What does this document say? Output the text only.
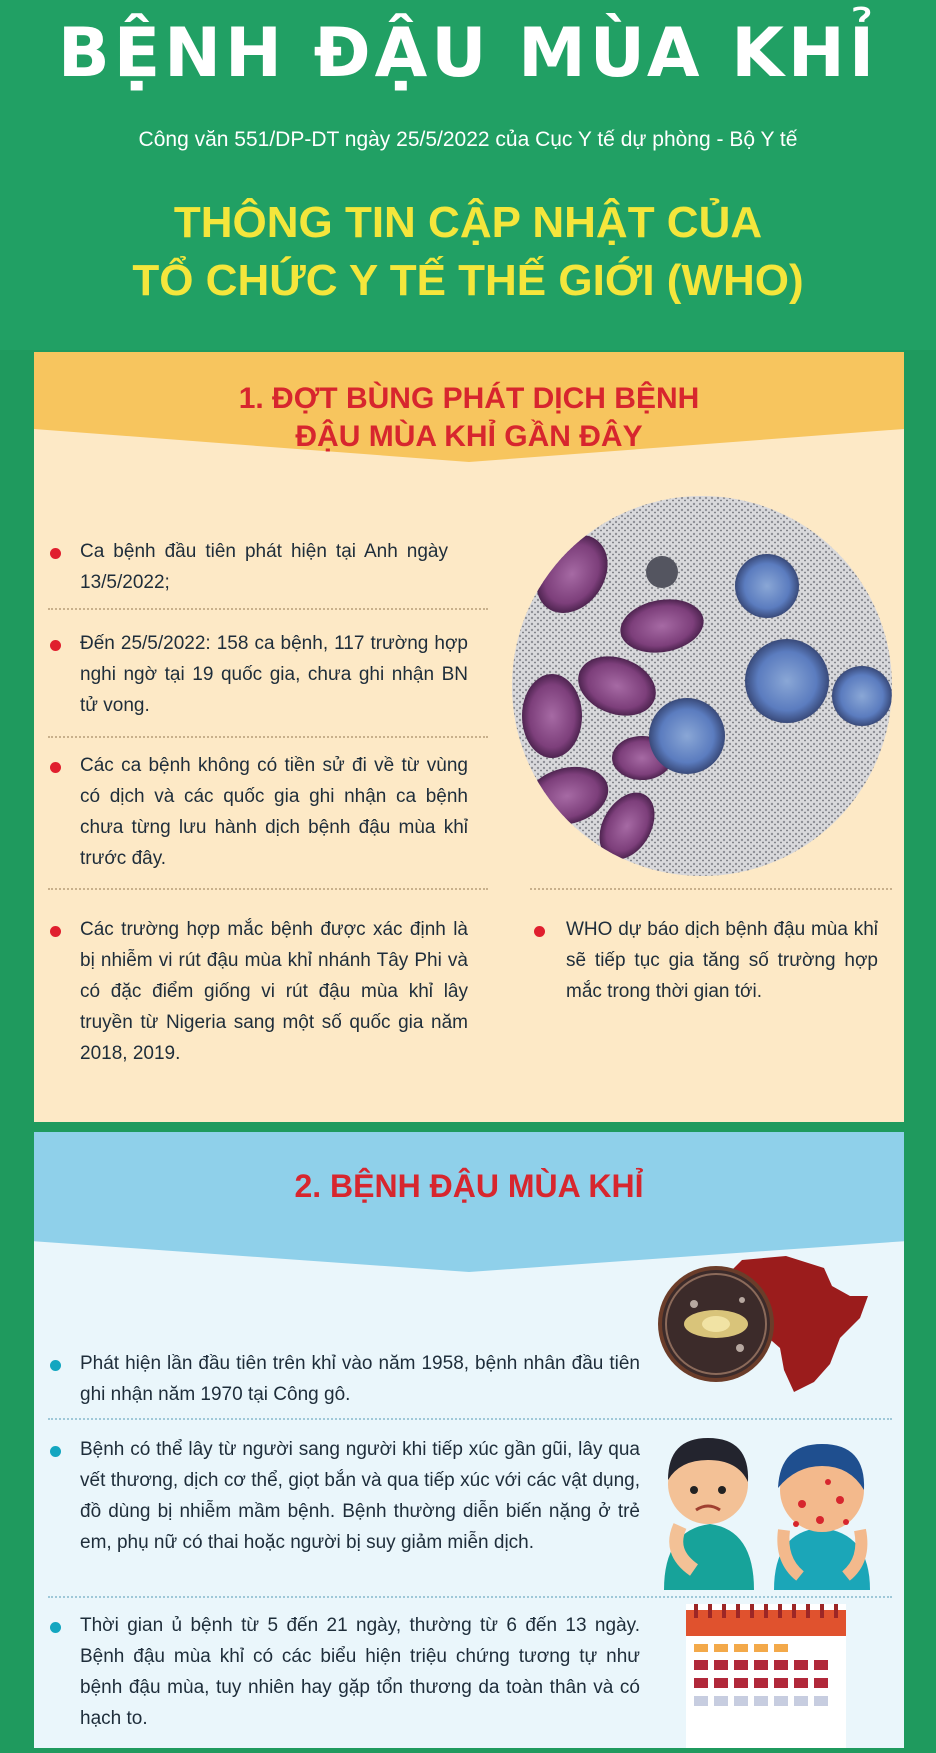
BỆNH ĐẬU MÙA KHỈ
Công văn 551/DP-DT ngày 25/5/2022 của Cục Y tế dự phòng - Bộ Y tế
THÔNG TIN CẬP NHẬT CỦA
TỔ CHỨC Y TẾ THẾ GIỚI (WHO)
1. ĐỢT BÙNG PHÁT DỊCH BỆNH
ĐẬU MÙA KHỈ GẦN ĐÂY
Ca bệnh đầu tiên phát hiện tại Anh ngày 13/5/2022;
Đến 25/5/2022: 158 ca bệnh, 117 trường hợp nghi ngờ tại 19 quốc gia, chưa ghi nhận BN tử vong.
Các ca bệnh không có tiền sử đi về từ vùng có dịch và các quốc gia ghi nhận ca bệnh chưa từng lưu hành dịch bệnh đậu mùa khỉ trước đây.
Các trường hợp mắc bệnh được xác định là bị nhiễm vi rút đậu mùa khỉ nhánh Tây Phi và có đặc điểm giống vi rút đậu mùa khỉ lây truyền từ Nigeria sang một số quốc gia năm 2018, 2019.
WHO dự báo dịch bệnh đậu mùa khỉ sẽ tiếp tục gia tăng số trường hợp mắc trong thời gian tới.
2. BỆNH ĐẬU MÙA KHỈ
Phát hiện lần đầu tiên trên khỉ vào năm 1958, bệnh nhân đầu tiên ghi nhận năm 1970 tại Công gô.
Bệnh có thể lây từ người sang người khi tiếp xúc gần gũi, lây qua vết thương, dịch cơ thể, giọt bắn và qua tiếp xúc với các vật dụng, đồ dùng bị nhiễm mầm bệnh. Bệnh thường diễn biến nặng ở trẻ em, phụ nữ có thai hoặc người bị suy giảm miễn dịch.
Thời gian ủ bệnh từ 5 đến 21 ngày, thường từ 6 đến 13 ngày. Bệnh đậu mùa khỉ có các biểu hiện triệu chứng tương tự như bệnh đậu mùa, tuy nhiên hay gặp tổn thương da toàn thân và có hạch to.
